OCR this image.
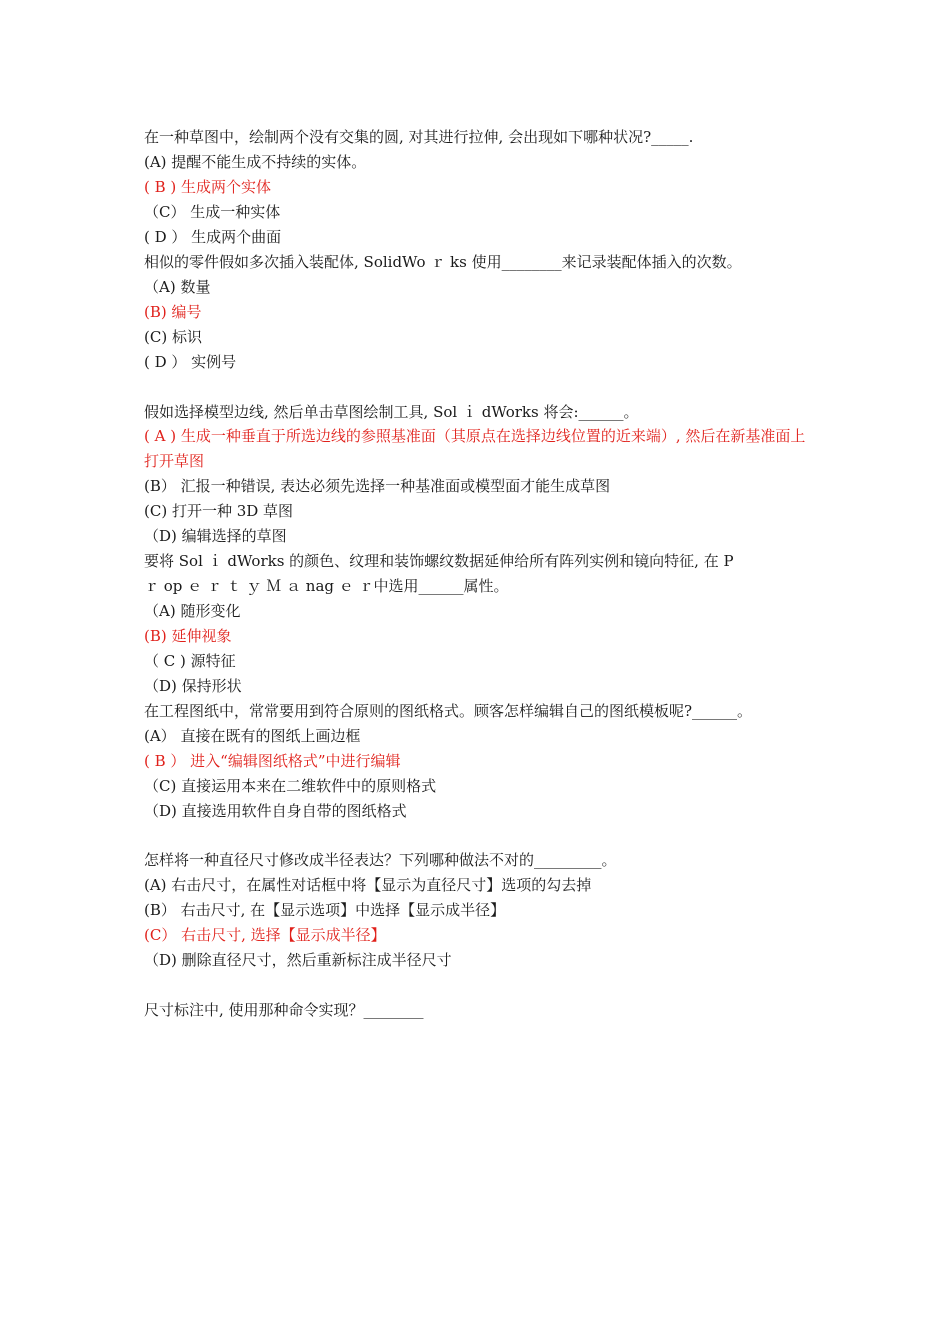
在一种草图中，绘制两个没有交集的圆, 对其进行拉伸, 会出现如下哪种状况?_____.
(A) 提醒不能生成不持续的实体。
( B ) 生成两个实体
（C） 生成一种实体
( D ） 生成两个曲面
相似的零件假如多次插入装配体, SolidWo ｒ ks 使用________来记录装配体插入的次数。
（A) 数量
(B) 编号
(C) 标识
( D ） 实例号
假如选择模型边线, 然后单击草图绘制工具, Sol ｉ dWorks 将会:______。
( A ) 生成一种垂直于所选边线的参照基准面（其原点在选择边线位置的近来端）, 然后在新基准面上打开草图
(B） 汇报一种错误, 表达必须先选择一种基准面或模型面才能生成草图
(C) 打开一种 3D 草图
（D) 编辑选择的草图
要将 Sol ｉ dWorks 的颜色、纹理和装饰螺纹数据延伸给所有阵列实例和镜向特征, 在 P
ｒ op ｅ ｒ ｔ ｙ Ｍ ａ nag ｅ ｒ中选用______属性。
（A) 随形变化
(B) 延伸视象
（ C ) 源特征
（D) 保持形状
在工程图纸中，常常要用到符合原则的图纸格式。顾客怎样编辑自己的图纸模板呢?______。
(A） 直接在既有的图纸上画边框
( B ） 进入“编辑图纸格式”中进行编辑
（C) 直接运用本来在二维软件中的原则格式
（D) 直接选用软件自身自带的图纸格式
怎样将一种直径尺寸修改成半径表达？下列哪种做法不对的_________。
(A) 右击尺寸，在属性对话框中将【显示为直径尺寸】选项的勾去掉
(B） 右击尺寸, 在【显示选项】中选择【显示成半径】
(C） 右击尺寸, 选择【显示成半径】
（D) 删除直径尺寸，然后重新标注成半径尺寸
尺寸标注中, 使用那种命令实现？________
